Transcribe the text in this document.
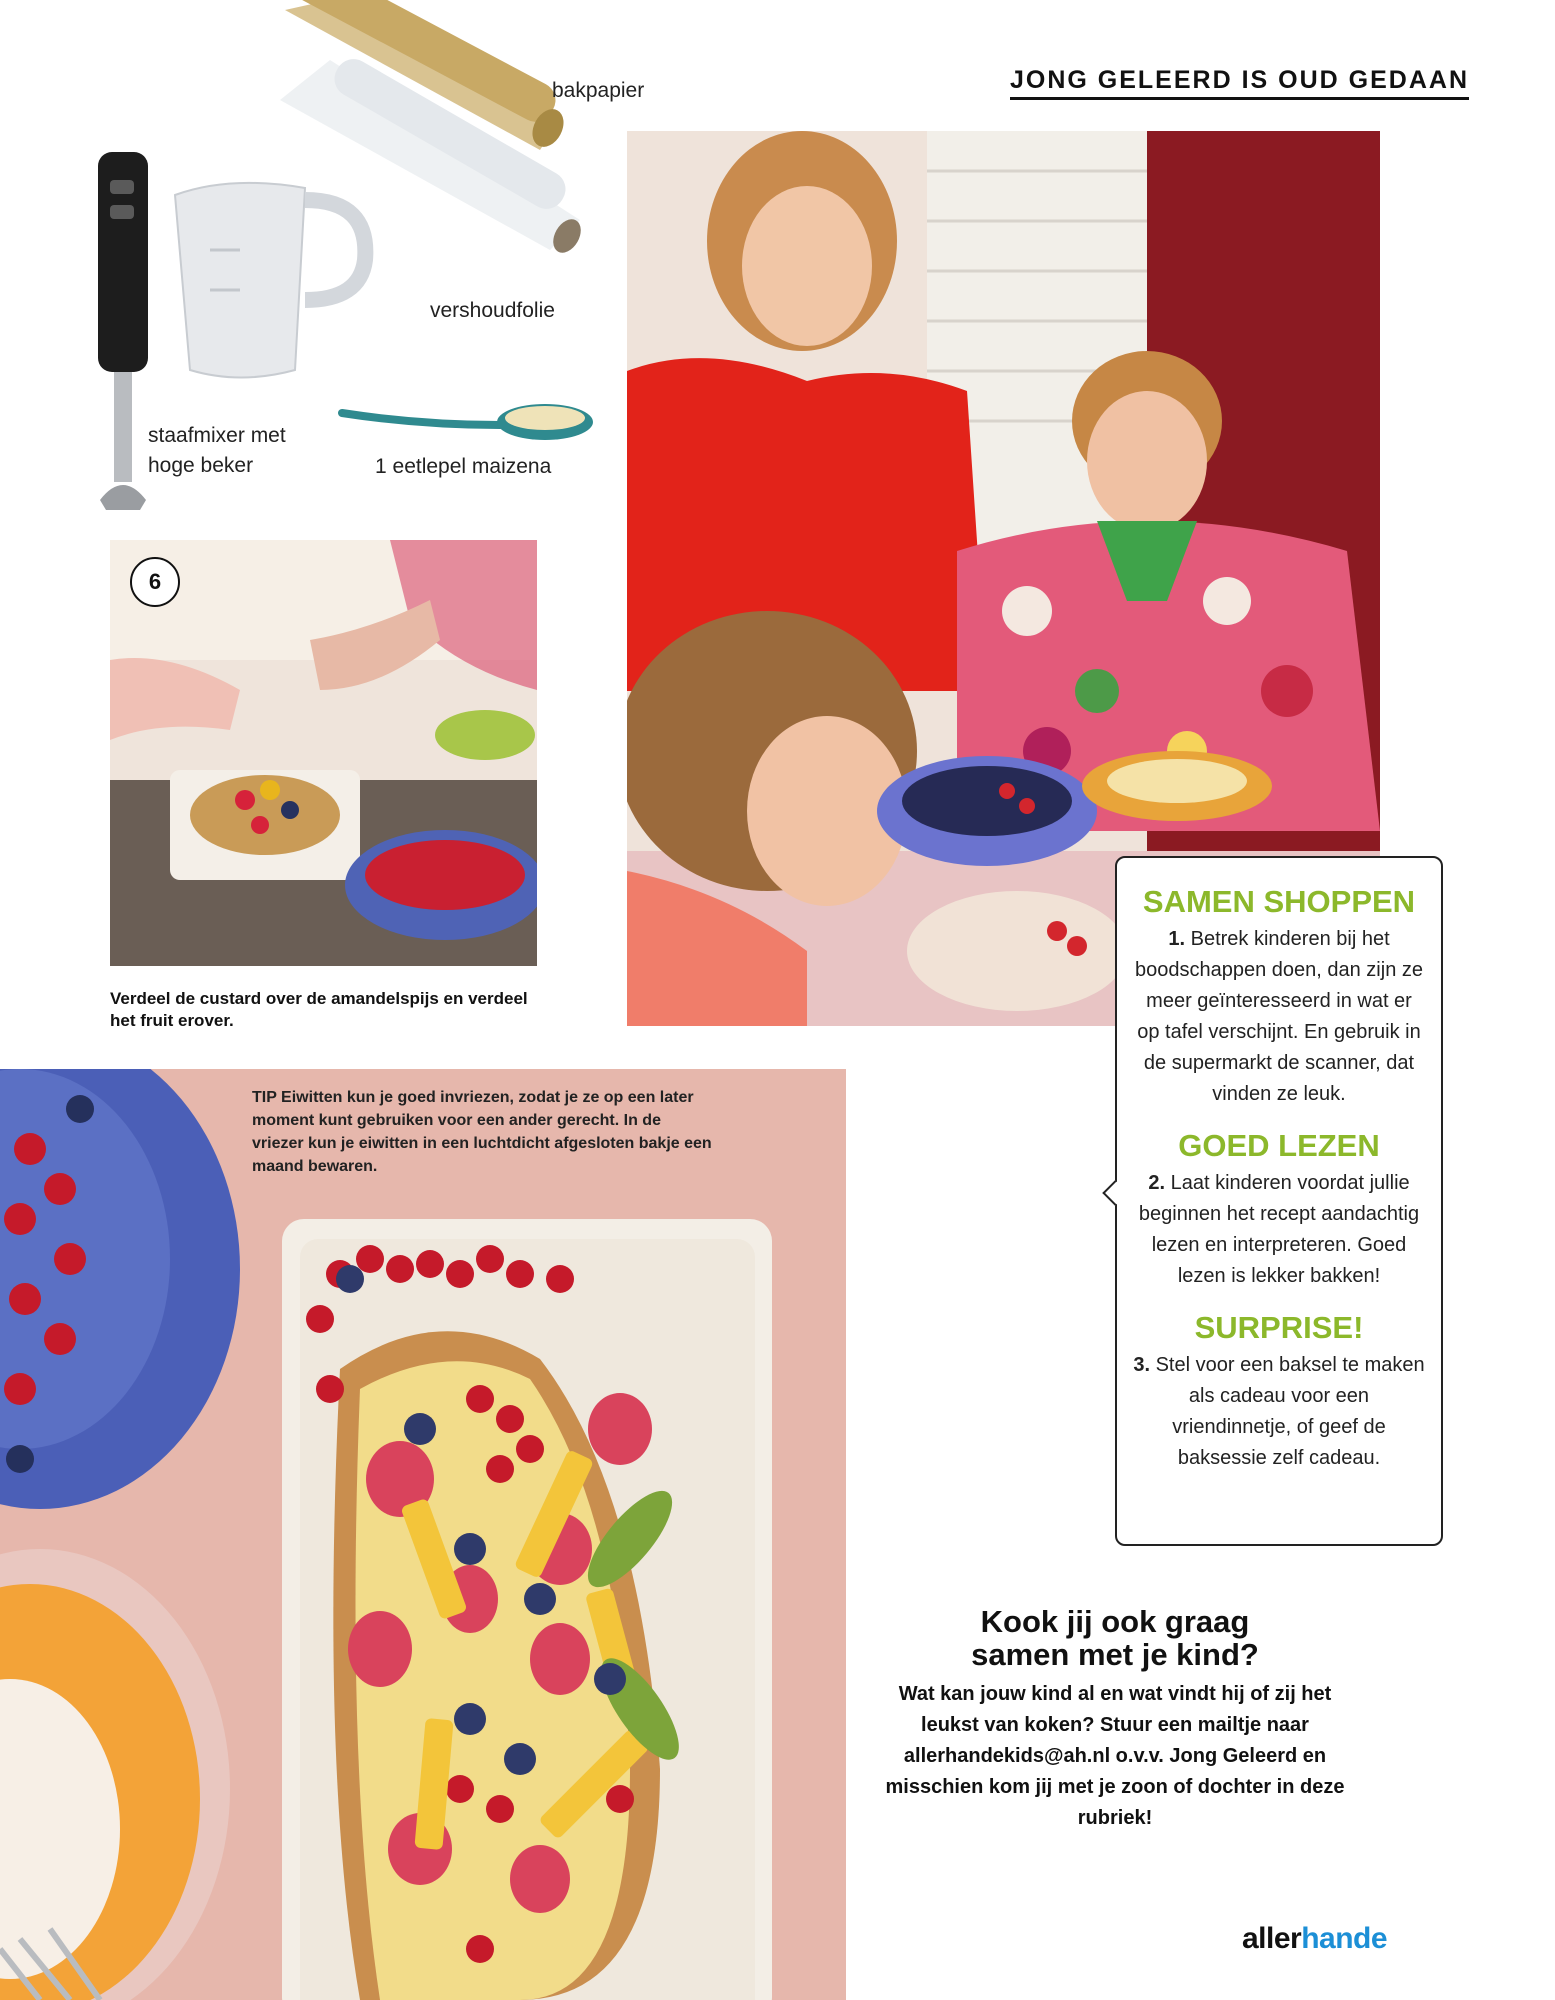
JONG GELEERD IS OUD GEDAAN
bakpapier
vershoudfolie
staafmixer met
hoge beker	1 eetlepel maizena
6
Verdeel de custard over de amandelspijs en verdeel het fruit erover.
TIP Eiwitten kun je goed invriezen, zodat je ze op een later moment kunt gebruiken voor een ander gerecht. In de vriezer kun je eiwitten in een luchtdicht afgesloten bakje een maand bewaren.
SAMEN SHOPPEN

1. Betrek kinderen bij het boodschappen doen, dan zijn ze meer geïnteresseerd in wat er op tafel verschijnt. En gebruik in de supermarkt de scanner, dat vinden ze leuk.

GOED LEZEN

2. Laat kinderen voordat jullie beginnen het recept aandachtig lezen en interpreteren. Goed lezen is lekker bakken!

SURPRISE!

3. Stel voor een baksel te maken als cadeau voor een vriendinnetje, of geef de baksessie zelf cadeau.

Kook jij ook graag
samen met je kind?
Wat kan jouw kind al en wat vindt hij of zij het leukst van koken? Stuur een mailtje naar allerhandekids@ah.nl o.v.v. Jong Geleerd en misschien kom jij met je zoon of dochter in deze rubriek!
allerhande
